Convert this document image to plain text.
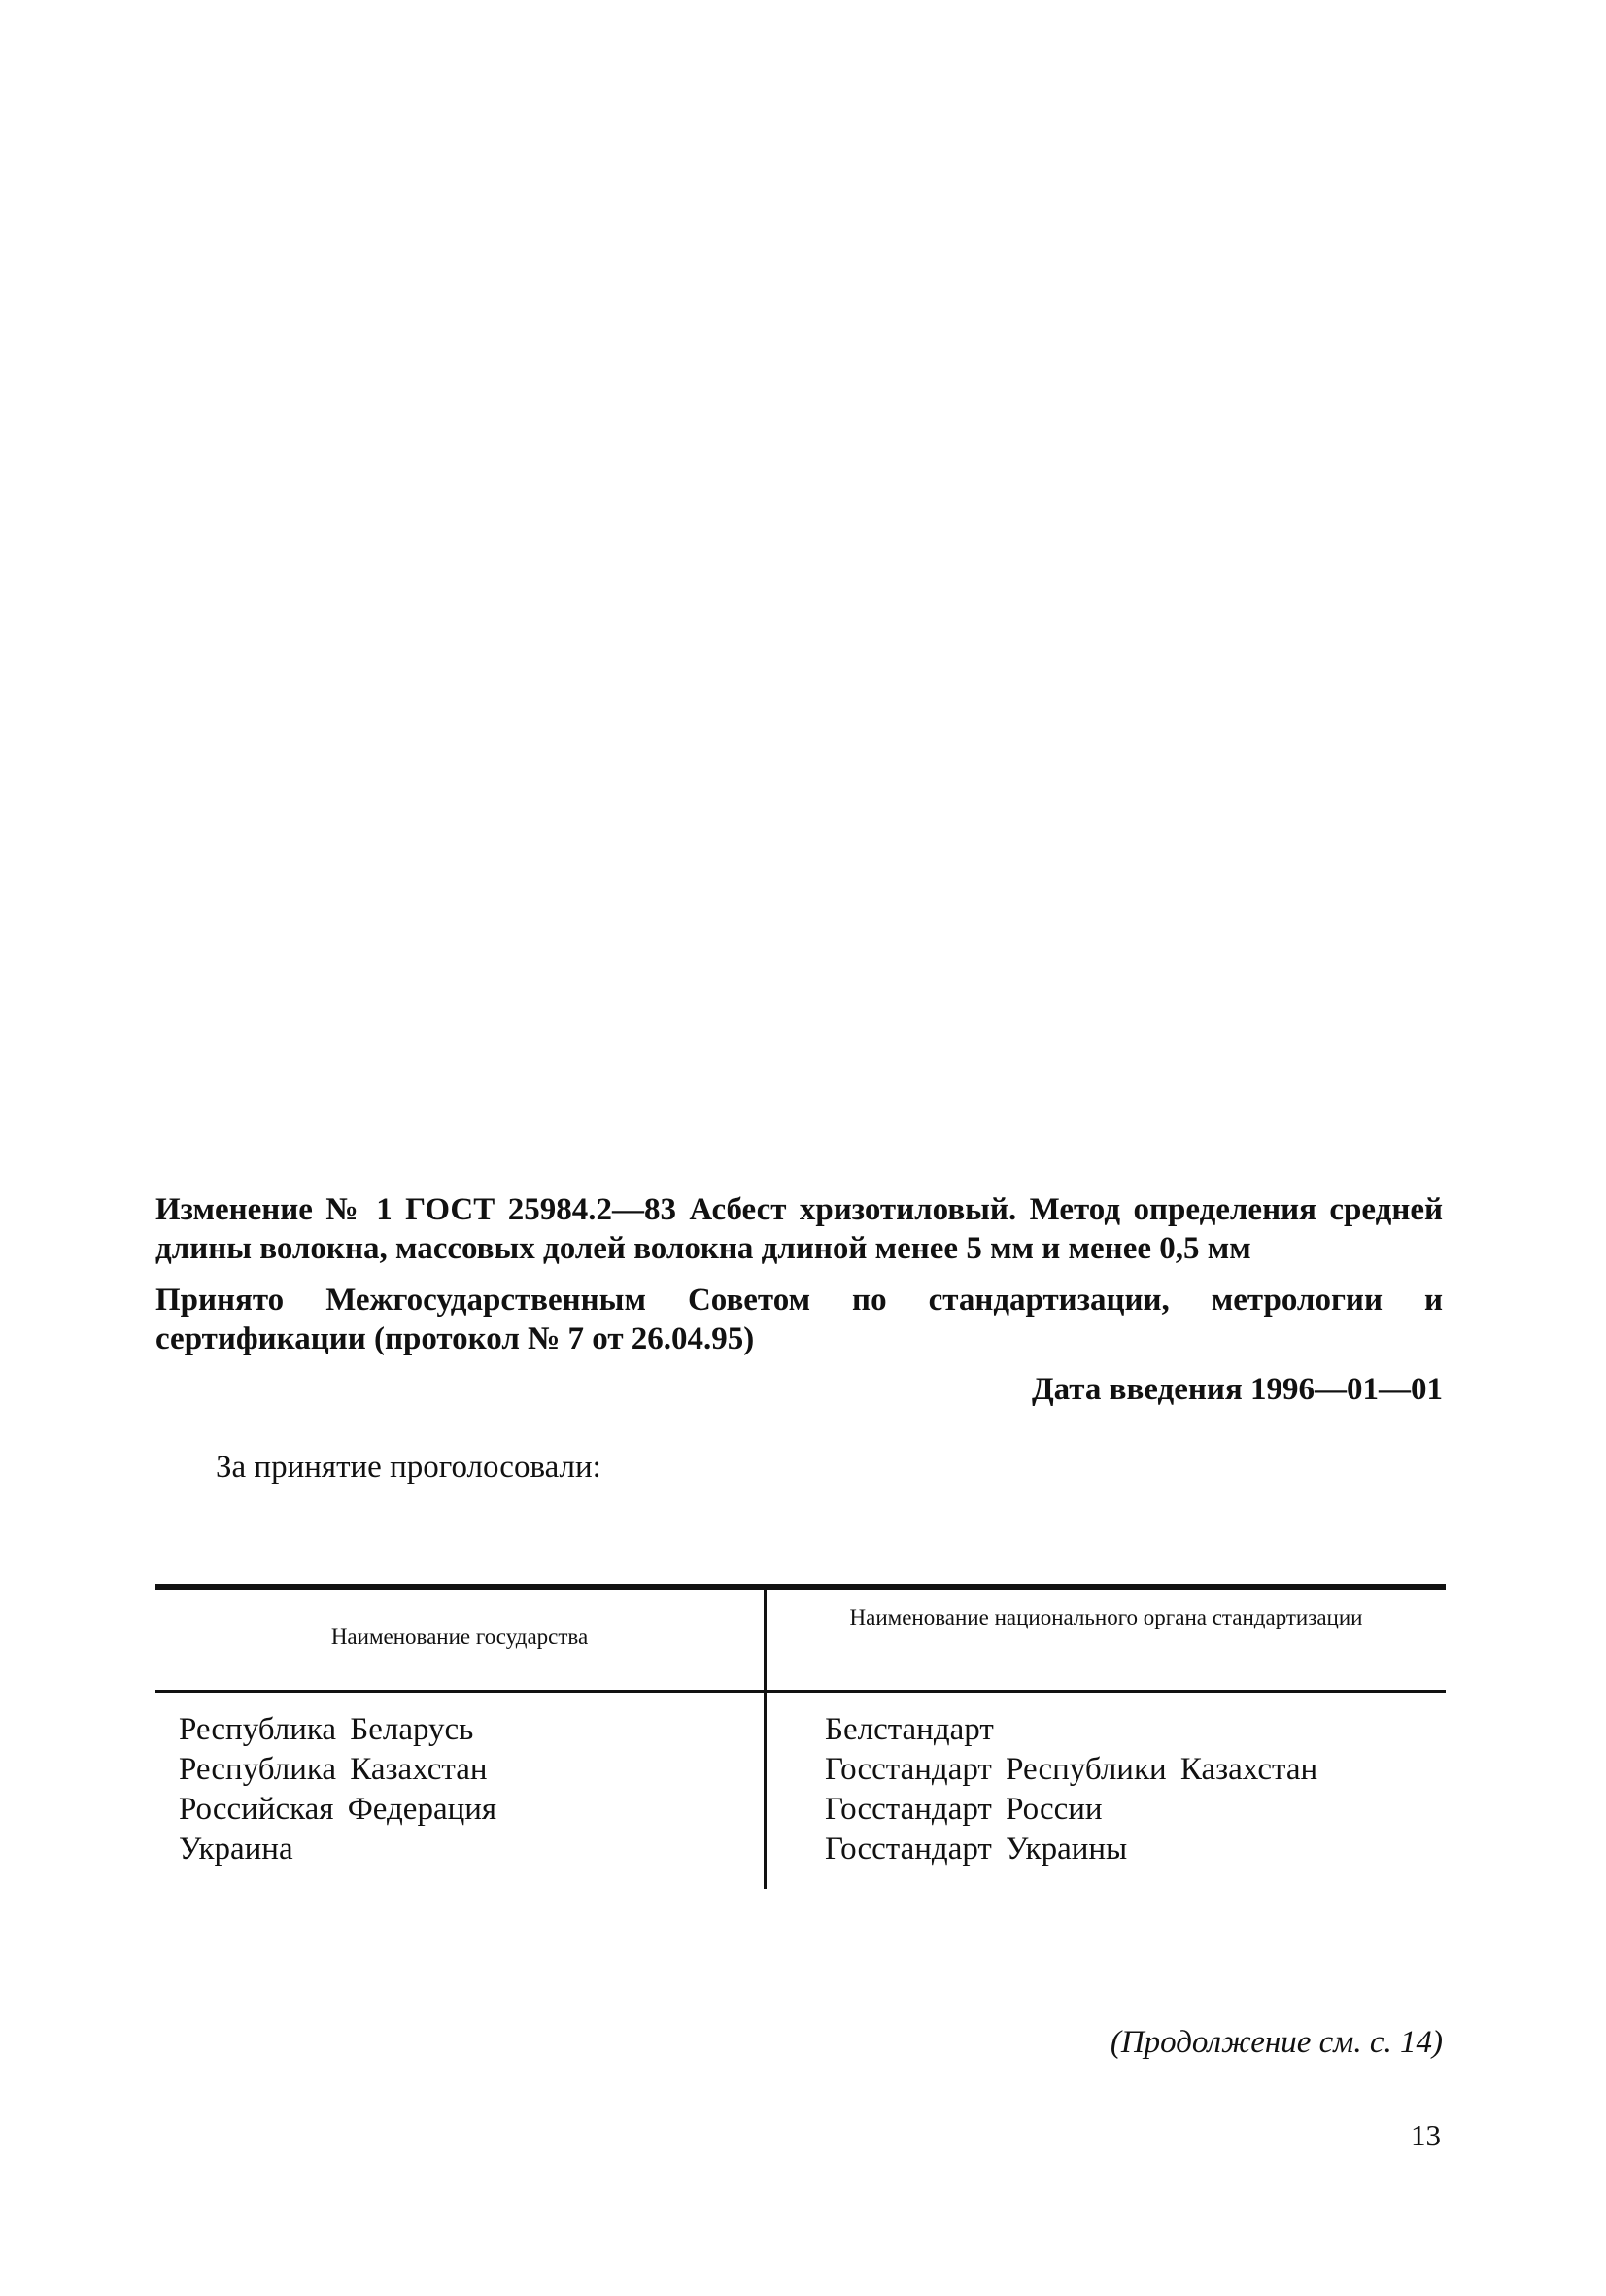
Изменение № 1 ГОСТ 25984.2—83 Асбест хризотиловый. Метод определения средней длины волокна, массовых долей волокна длиной менее 5 мм и менее 0,5 мм

Принято Межгосударственным Советом по стандартизации, метрологии и сертификации (протокол № 7 от 26.04.95)

Дата введения 1996—01—01

За принятие проголосовали:

Наименование государства

Наименование национального органа стандартизации

Республика Беларусь
Республика Казахстан
Российская Федерация
Украина
Белстандарт
Госстандарт Республики Казахстан
Госстандарт России
Госстандарт Украины

(Продолжение см. с. 14)

13
